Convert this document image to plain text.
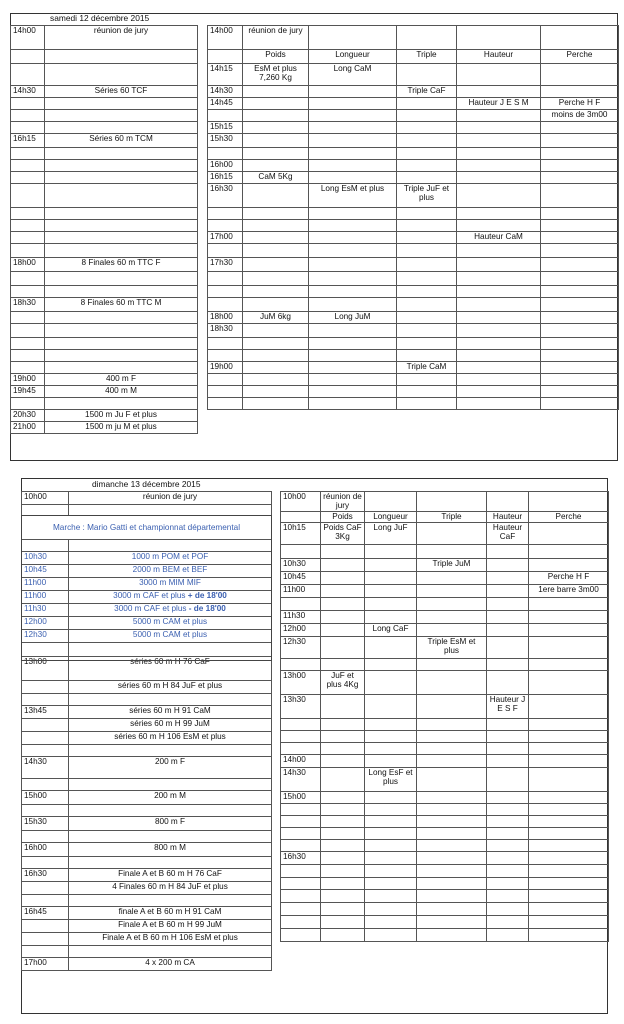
samedi 12 décembre 2015
14h00	réunion de jury

14h30	Séries 60 TCF

16h15	Séries 60 m TCM

18h00	8 Finales 60 m TTC F

18h30	8 Finales 60 m TTC M

19h00	400 m F
19h45	400 m M

20h30	1500 m Ju F et plus
21h00	1500 m ju M et plus
14h00	réunion de jury				
	Poids	Longueur	Triple	Hauteur	Perche
14h15	EsM et plus 7,260 Kg	Long CaM			
14h30			Triple CaF		
14h45				Hauteur J E S M	Perche H F
					moins de 3m00
15h15					
15h30					

16h00					
16h15	CaM 5Kg				
16h30		Long EsM et plus	Triple JuF et plus		

17h00				Hauteur CaM	

17h30					

18h00	JuM 6kg	Long JuM			
18h30					

19h00			Triple CaM		

dimanche 13 décembre 2015
10h00	réunion de jury

Marche : Mario Gatti et championnat départemental	

10h30	1000 m POM et POF
10h45	2000 m BEM et BEF
11h00	3000 m MIM MIF
11h00	3000 m CAF et plus + de 18'00
11h30	3000 m CAF et plus - de 18'00
12h00	5000 m CAM et plus
12h30	5000 m CAM et plus

13h00	séries 60 m H 76 CaF
	séries 60 m H 84 JuF et plus

13h45	séries 60 m H 91 CaM
	séries 60 m H 99 JuM
	séries 60 m H 106 EsM et plus

14h30	200 m F

15h00	200 m M

15h30	800 m F

16h00	800 m M

16h30	Finale A et B 60 m H 76 CaF
	4 Finales 60 m H 84 JuF et plus

16h45	finale A et B 60 m H 91 CaM
	Finale A et B 60 m H 99 JuM
	Finale A et B 60 m H 106 EsM et plus

17h00	4 x 200 m CA
10h00	réunion de jury				
	Poids	Longueur	Triple	Hauteur	Perche
10h15	Poids CaF 3Kg	Long JuF		Hauteur CaF	

10h30			Triple JuM		
10h45					Perche H F
11h00					1ere barre 3m00

11h30					
12h00		Long CaF			
12h30			Triple EsM et plus		

13h00	JuF et plus 4Kg				
13h30				Hauteur J E S F	

14h00					
14h30		Long EsF et plus			
15h00					

16h30					
